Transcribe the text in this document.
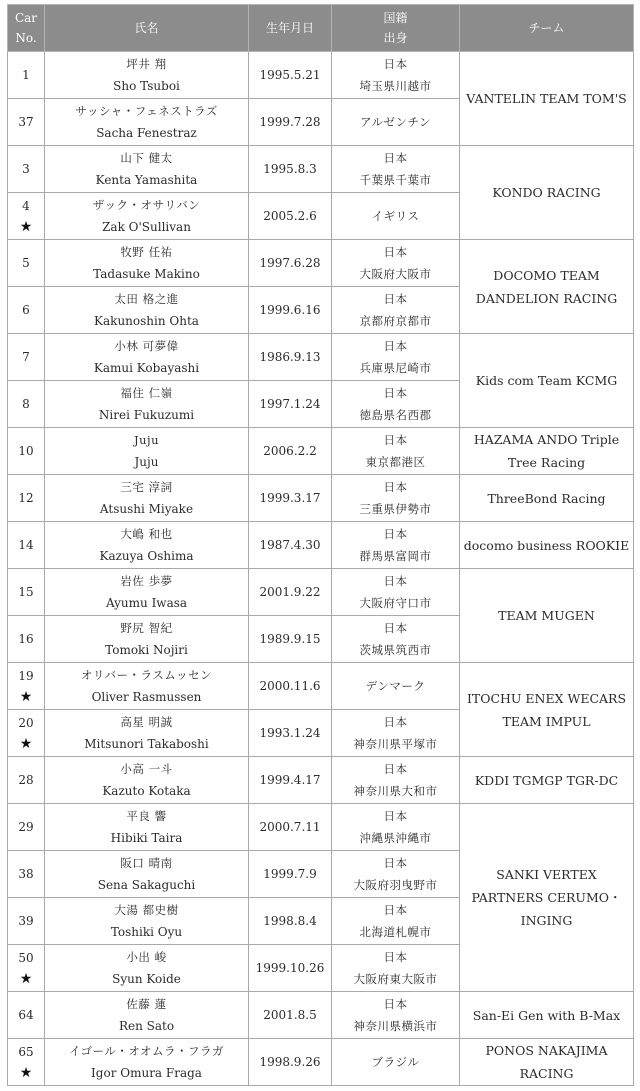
Car
No.	氏名	生年月日	国籍
出身	チーム

1	坪井 翔
Sho Tsuboi	1995.5.21	日本
埼玉県川越市	VANTELIN TEAM TOM'S

37	サッシャ・フェネストラズ
Sacha Fenestraz	1999.7.28	アルゼンチン	

3	山下 健太
Kenta Yamashita	1995.8.3	日本
千葉県千葉市	KONDO RACING

4
★	ザック・オサリバン
Zak O'Sullivan	2005.2.6	イギリス	

5	牧野 任祐
Tadasuke Makino	1997.6.28	日本
大阪府大阪市	DOCOMO TEAM
DANDELION RACING

6	太田 格之進
Kakunoshin Ohta	1999.6.16	日本
京都府京都市	

7	小林 可夢偉
Kamui Kobayashi	1986.9.13	日本
兵庫県尼崎市	Kids com Team KCMG

8	福住 仁嶺
Nirei Fukuzumi	1997.1.24	日本
徳島県名西郡	

10	Juju
Juju	2006.2.2	日本
東京都港区	HAZAMA ANDO Triple
Tree Racing

12	三宅 淳詞
Atsushi Miyake	1999.3.17	日本
三重県伊勢市	ThreeBond Racing

14	大嶋 和也
Kazuya Oshima	1987.4.30	日本
群馬県富岡市	docomo business ROOKIE

15	岩佐 歩夢
Ayumu Iwasa	2001.9.22	日本
大阪府守口市	TEAM MUGEN

16	野尻 智紀
Tomoki Nojiri	1989.9.15	日本
茨城県筑西市	

19
★	オリバー・ラスムッセン
Oliver Rasmussen	2000.11.6	デンマーク	ITOCHU ENEX WECARS
TEAM IMPUL

20
★	高星 明誠
Mitsunori Takaboshi	1993.1.24	日本
神奈川県平塚市	

28	小高 一斗
Kazuto Kotaka	1999.4.17	日本
神奈川県大和市	KDDI TGMGP TGR-DC

29	平良 響
Hibiki Taira	2000.7.11	日本
沖縄県沖縄市	SANKI VERTEX
PARTNERS CERUMO・
INGING

38	阪口 晴南
Sena Sakaguchi	1999.7.9	日本
大阪府羽曳野市	

39	大湯 都史樹
Toshiki Oyu	1998.8.4	日本
北海道札幌市	

50
★	小出 峻
Syun Koide	1999.10.26	日本
大阪府東大阪市	

64	佐藤 蓮
Ren Sato	2001.8.5	日本
神奈川県横浜市	San-Ei Gen with B-Max

65
★	イゴール・オオムラ・フラガ
Igor Omura Fraga	1998.9.26	ブラジル	PONOS NAKAJIMA
RACING
